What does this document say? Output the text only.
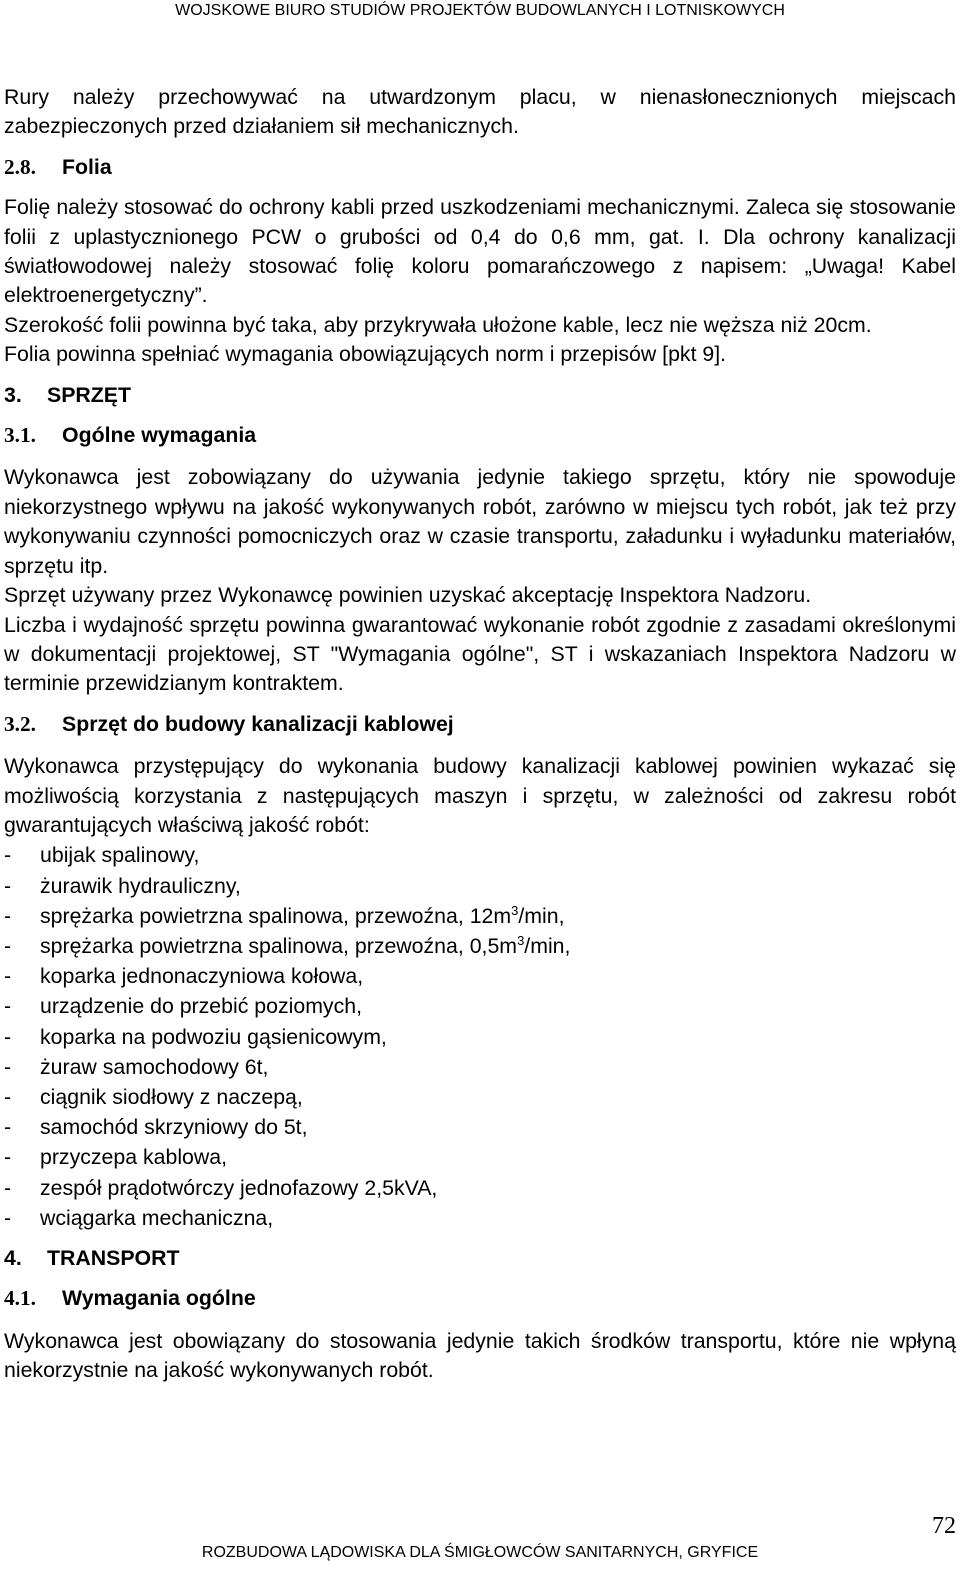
WOJSKOWE BIURO STUDIÓW PROJEKTÓW BUDOWLANYCH I LOTNISKOWYCH

Rury należy przechowywać na utwardzonym placu, w nienasłonecznionych miejscach zabezpieczonych przed działaniem sił mechanicznych.

2.8. Folia

Folię należy stosować do ochrony kabli przed uszkodzeniami mechanicznymi. Zaleca się stosowanie folii z uplastycznionego PCW o grubości od 0,4 do 0,6 mm, gat. I. Dla ochrony kanalizacji światłowodowej należy stosować folię koloru pomarańczowego z napisem: „Uwaga! Kabel elektroenergetyczny”.

Szerokość folii powinna być taka, aby przykrywała ułożone kable, lecz nie węższa niż 20cm.

Folia powinna spełniać wymagania obowiązujących norm i przepisów [pkt 9].

3. SPRZĘT
3.1. Ogólne wymagania

Wykonawca jest zobowiązany do używania jedynie takiego sprzętu, który nie spowoduje niekorzystnego wpływu na jakość wykonywanych robót, zarówno w miejscu tych robót, jak też przy wykonywaniu czynności pomocniczych oraz w czasie transportu, załadunku i wyładunku materiałów, sprzętu itp.

Sprzęt używany przez Wykonawcę powinien uzyskać akceptację Inspektora Nadzoru.

Liczba i wydajność sprzętu powinna gwarantować wykonanie robót zgodnie z zasadami określonymi w dokumentacji projektowej, ST "Wymagania ogólne", ST i wskazaniach Inspektora Nadzoru w terminie przewidzianym kontraktem.

3.2. Sprzęt do budowy kanalizacji kablowej

Wykonawca przystępujący do wykonania budowy kanalizacji kablowej powinien wykazać się możliwością korzystania z następujących maszyn i sprzętu, w zależności od zakresu robót gwarantujących właściwą jakość robót:

- ubijak spalinowy,
- żurawik hydrauliczny,
- sprężarka powietrzna spalinowa, przewoźna, $12m^3/\min$,
- sprężarka powietrzna spalinowa, przewoźna, $0,5m^3/\min$,
- koparka jednonaczyniowa kołowa,
- urządzenie do przebić poziomych,
- koparka na podwoziu gąsienicowym,
- żuraw samochodowy 6t,
- ciągnik siodłowy z naczepą,
- samochód skrzyniowy do 5t,
- przyczepa kablowa,
- zespół prądotwórczy jednofazowy 2,5kVA,
- wciągarka mechaniczna,
4. TRANSPORT
4.1. Wymagania ogólne

Wykonawca jest obowiązany do stosowania jedynie takich środków transportu, które nie wpłyną niekorzystnie na jakość wykonywanych robót.

72
ROZBUDOWA LĄDOWISKA DLA ŚMIGŁOWCÓW SANITARNYCH, GRYFICE
